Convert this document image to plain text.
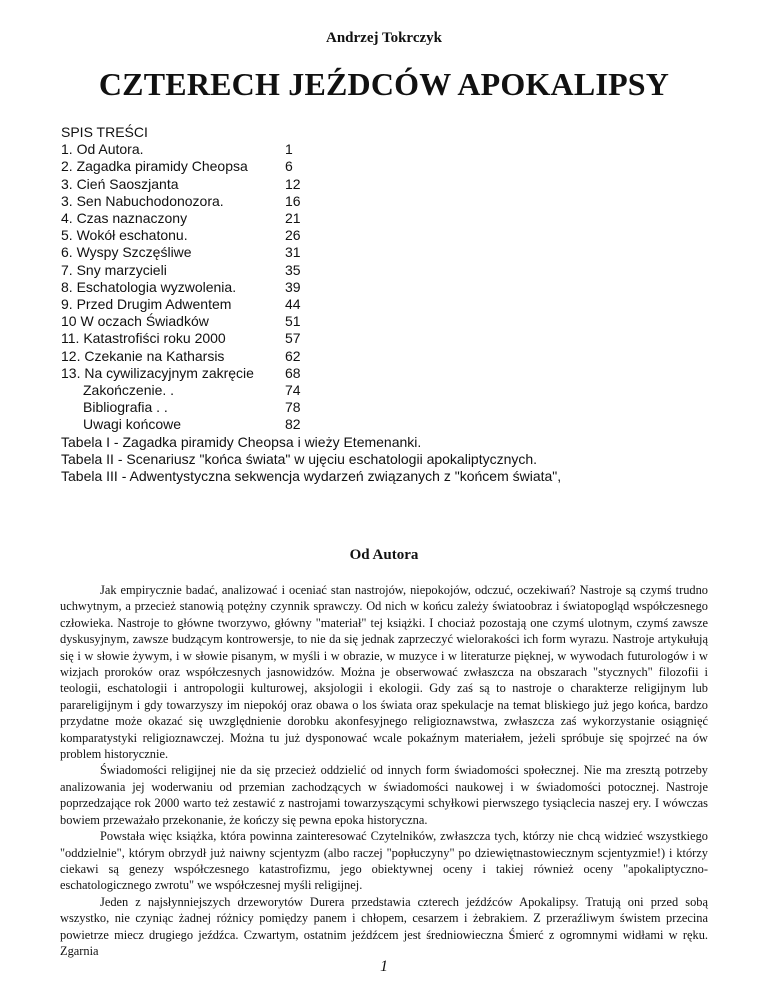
Andrzej Tokrczyk
CZTERECH JEŹDCÓW APOKALIPSY
SPIS TREŚCI
1. Od Autora.	1
2. Zagadka piramidy Cheopsa	6
3. Cień Saoszjanta	12
3. Sen Nabuchodonozora.	16
4. Czas naznaczony	21
5. Wokół eschatonu.	26
6. Wyspy Szczęśliwe	31
7. Sny marzycieli	35
8. Eschatologia wyzwolenia.	39
9. Przed Drugim Adwentem	44
10 W oczach Świadków	51
11. Katastrofiści roku 2000	57
12. Czekanie na Katharsis	62
13. Na cywilizacyjnym zakręcie	68
Zakończenie. .	74
Bibliografia . .	78
Uwagi końcowe	82
Tabela I - Zagadka piramidy Cheopsa i wieży Etemenanki.
Tabela II - Scenariusz "końca świata" w ujęciu eschatologii apokaliptycznych.
Tabela III - Adwentystyczna sekwencja wydarzeń związanych z "końcem świata",
Od Autora

Jak empirycznie badać, analizować i oceniać stan nastrojów, niepokojów, odczuć, oczekiwań? Nastroje są czymś trudno uchwytnym, a przecież stanowią potężny czynnik sprawczy. Od nich w końcu zależy światoobraz i światopogląd współczesnego człowieka. Nastroje to główne tworzywo, główny "materiał" tej książki. I chociaż pozostają one czymś ulotnym, czymś zawsze dyskusyjnym, zawsze budzącym kontrowersje, to nie da się jednak zaprzeczyć wielorakości ich form wyrazu. Nastroje artykułują się i w słowie żywym, i w słowie pisanym, w myśli i w obrazie, w muzyce i w literaturze pięknej, w wywodach futurologów i w wizjach proroków oraz współczesnych jasnowidzów. Można je obserwować zwłaszcza na obszarach "stycznych" filozofii i teologii, eschatologii i antropologii kulturowej, aksjologii i ekologii. Gdy zaś są to nastroje o charakterze religijnym lub parareligijnym i gdy towarzyszy im niepokój oraz obawa o los świata oraz spekulacje na temat bliskiego już jego końca, bardzo przydatne może okazać się uwzględnienie dorobku akonfesyjnego religioznawstwa, zwłaszcza zaś wykorzystanie osiągnięć komparatystyki religioznawczej. Można tu już dysponować wcale pokaźnym materiałem, jeżeli spróbuje się spojrzeć na ów problem historycznie.

Świadomości religijnej nie da się przecież oddzielić od innych form świadomości społecznej. Nie ma zresztą potrzeby analizowania jej woderwaniu od przemian zachodzących w świadomości naukowej i w świadomości potocznej. Nastroje poprzedzające rok 2000 warto też zestawić z nastrojami towarzyszącymi schyłkowi pierwszego tysiąclecia naszej ery. I wówczas bowiem przeważało przekonanie, że kończy się pewna epoka historyczna.

Powstała więc książka, która powinna zainteresować Czytelników, zwłaszcza tych, którzy nie chcą widzieć wszystkiego "oddzielnie", którym obrzydł już naiwny scjentyzm (albo raczej "popłuczyny" po dziewiętnastowiecznym scjentyzmie!) i którzy ciekawi są genezy współczesnego katastrofizmu, jego obiektywnej oceny i takiej również oceny "apokaliptyczno-eschatologicznego zwrotu" we współczesnej myśli religijnej.

Jeden z najsłynniejszych drzeworytów Durera przedstawia czterech jeźdźców Apokalipsy. Tratują oni przed sobą wszystko, nie czyniąc żadnej różnicy pomiędzy panem i chłopem, cesarzem i żebrakiem. Z przeraźliwym świstem przecina powietrze miecz drugiego jeźdźca. Czwartym, ostatnim jeźdźcem jest średniowieczna Śmierć z ogromnymi widłami w ręku. Zgarnia

1
